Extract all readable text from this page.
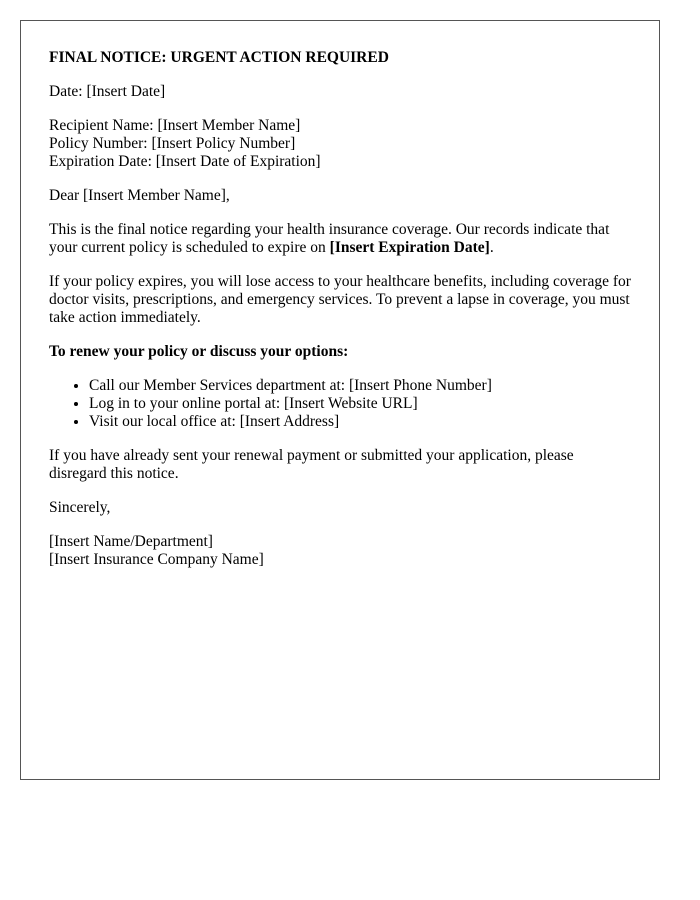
FINAL NOTICE: URGENT ACTION REQUIRED

Date: [Insert Date]

Recipient Name: [Insert Member Name]

Policy Number: [Insert Policy Number]

Expiration Date: [Insert Date of Expiration]

Dear [Insert Member Name],

This is the final notice regarding your health insurance coverage. Our records indicate that your current policy is scheduled to expire on [Insert Expiration Date].

If your policy expires, you will lose access to your healthcare benefits, including coverage for doctor visits, prescriptions, and emergency services. To prevent a lapse in coverage, you must take action immediately.

To renew your policy or discuss your options:

• Call our Member Services department at: [Insert Phone Number]
• Log in to your online portal at: [Insert Website URL]
• Visit our local office at: [Insert Address]

If you have already sent your renewal payment or submitted your application, please disregard this notice.

Sincerely,

[Insert Name/Department]

[Insert Insurance Company Name]
